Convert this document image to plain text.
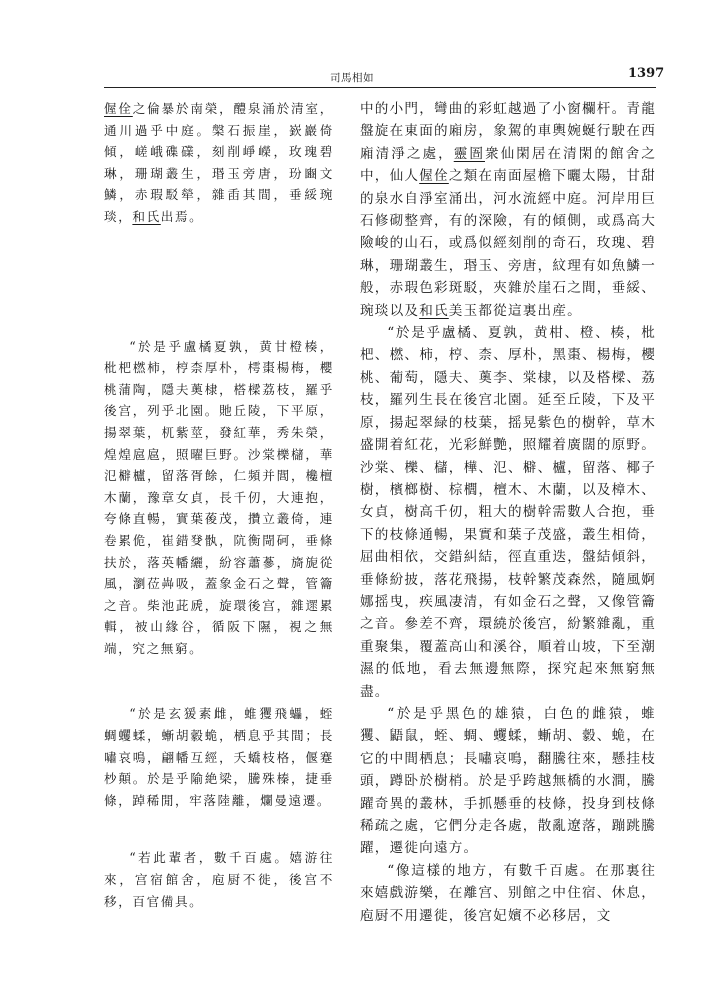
司馬相如	1397

偓佺之倫暴於南榮，醴泉涌於清室，通川過乎中庭。槃石振崖，嶔巖倚傾，嵯峨磼礏，刻削崢嶸，玫瑰碧琳，珊瑚叢生，瑉玉旁唐，玢豳文鱗，赤瑕駁犖，雜臿其間，垂綏琬琰，和氏出焉。

“於是乎盧橘夏孰，黄甘橙楱，枇杷橪柿，梈柰厚朴，樗棗楊梅，櫻桃蒲陶，隱夫薁棣，榙樑荔枝，羅乎後宫，列乎北園。貤丘陵，下平原，揚翠葉，杌紫莖，發紅華，秀朱榮，煌煌扈扈，照曜巨野。沙棠櫟櫧，華氾檘櫨，留落胥餘，仁頻并閭，欃檀木蘭，豫章女貞，長千仞，大連抱，夸條直暢，實葉葰茂，攢立叢倚，連卷累佹，崔錯癹骫，阬衡閜砢，垂條扶於，落英幡纚，紛容蕭蔘，旖旎從風，瀏莅芔吸，蓋象金石之聲，管籥之音。柴池茈虒，旋環後宫，雜遝累輯，被山緣谷，循阪下隰，視之無端，究之無窮。

“於是玄猨素雌，蜼玃飛蠝，蛭蜩蠼蝚，螹胡豰蛫，栖息乎其間；長嘯哀鳴，翩幡互經，夭蟜枝格，偃蹇杪顛。於是乎隃絶梁，騰殊榛，捷垂條，踔稀閒，牢落陸離，爛曼遠遷。

“若此輩者，數千百處。嬉游往來，宫宿館舍，庖厨不徙，後宫不移，百官備具。

中的小門，彎曲的彩虹越過了小窗欄杆。青龍盤旋在東面的廂房，象駕的車輿婉蜒行駛在西廂清淨之處，靈圄衆仙閑居在清閑的館舍之中，仙人偓佺之類在南面屋檐下曬太陽，甘甜的泉水自淨室涌出，河水流經中庭。河岸用巨石修砌整齊，有的深險，有的傾側，或爲高大險峻的山石，或爲似經刻削的奇石，玫瑰、碧琳，珊瑚叢生，瑉玉、旁唐，紋理有如魚鱗一般，赤瑕色彩斑駁，夾雜於崖石之間，垂綏、琬琰以及和氏美玉都從這裏出産。

“於是乎盧橘、夏孰，黄柑、橙、楱，枇杷、橪、柿，梈、柰、厚朴，黑棗、楊梅，櫻桃、葡萄，隱夫、薁李、棠棣，以及榙樑、荔枝，羅列生長在後宫北園。延至丘陵，下及平原，揚起翠緑的枝葉，摇晃紫色的樹幹，草木盛開着紅花，光彩鮮艷，照耀着廣闊的原野。沙棠、櫟、櫧，樺、氾、檘、櫨，留落、椰子樹，檳榔樹、棕櫚，檀木、木蘭，以及樟木、女貞，樹高千仞，粗大的樹幹需數人合抱，垂下的枝條通暢，果實和葉子茂盛，叢生相倚，屈曲相依，交錯糾結，徑直重迭，盤結傾斜，垂條紛披，落花飛揚，枝幹繁茂森然，隨風婀娜摇曳，疾風凄清，有如金石之聲，又像管籥之音。參差不齊，環繞於後宫，紛繁雜亂，重重聚集，覆蓋高山和溪谷，順着山坡，下至潮濕的低地，看去無邊無際，探究起來無窮無盡。

“於是乎黑色的雄猿，白色的雌猿，蜼玃、鼯鼠，蛭、蜩、蠼蝚，螹胡、豰、蛫，在它的中間栖息；長嘯哀鳴，翻騰往來，懸挂枝頭，蹲卧於樹梢。於是乎跨越無橋的水澗，騰躍奇異的叢林，手抓懸垂的枝條，投身到枝條稀疏之處，它們分走各處，散亂遼落，蹦跳騰躍，遷徙向遠方。

“像這樣的地方，有數千百處。在那裏往來嬉戲游樂，在離宫、别館之中住宿、休息，庖厨不用遷徙，後宫妃嬪不必移居，文
